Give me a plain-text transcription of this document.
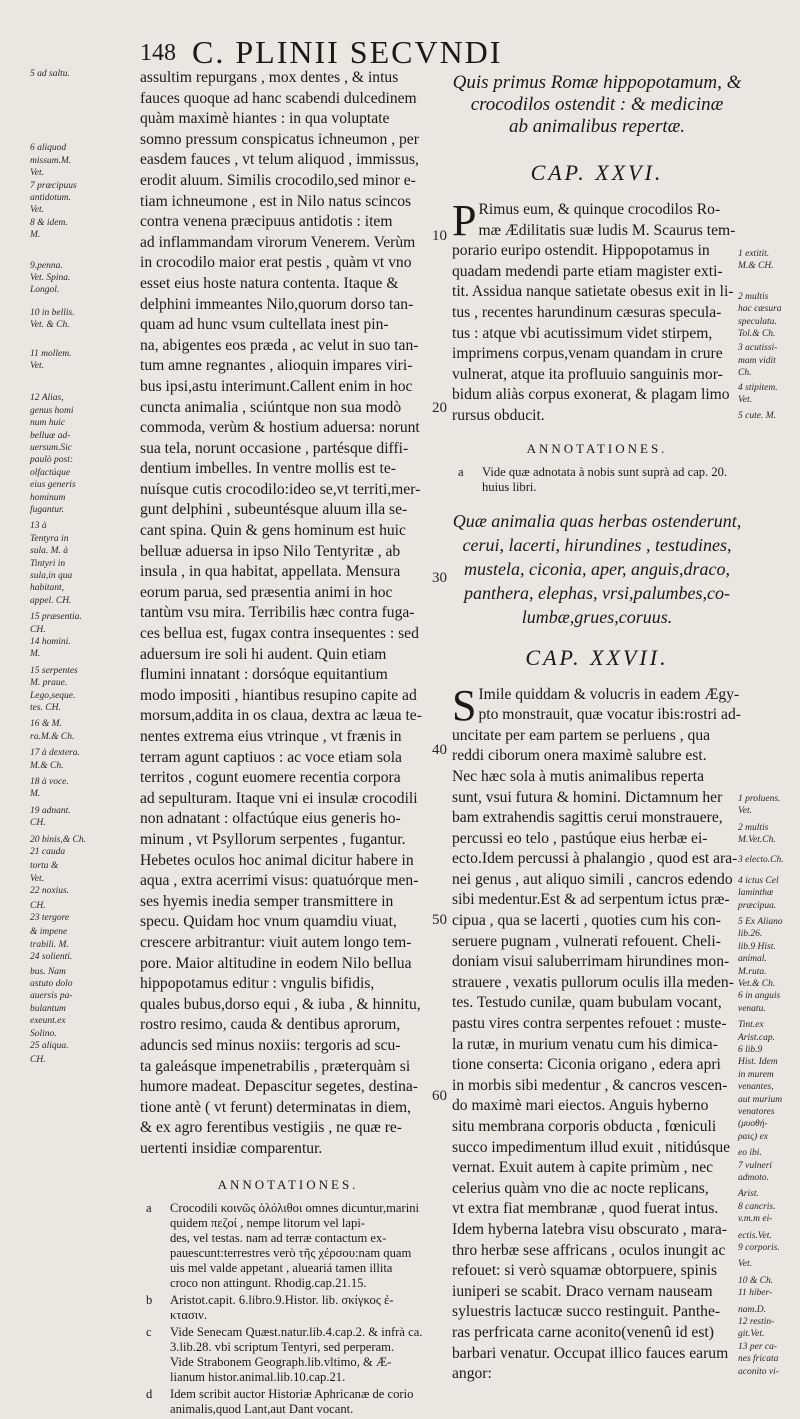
148 C. PLINII SECVNDI
5 ad saltu.
6 aliquod
missum.M.
Vet.
7 præcipuus
antidotum.
Vet.
8 & idem.
M.
9.penna.
Vet. Spina.
Longol.
10 in bellis.
Vet. & Ch.
11 mollem.
Vet.
12 Alias,
genus homi
num huic
belluæ ad-
uersum.Sic
paulò post:
olfactúque
eius generis
hominum
fugantur.
13 à
Tentyra in
sula. M. à
Tintyri in
sula,in qua
habitant,
appel. CH.
15 præsentia.
CH.
14 homini.
M.
15 serpentes
M. praue.
Lego,seque.
tes. CH.
16 & M.
ra.M.& Ch.
17 à dextera.
M.& Ch.
18 à voce.
M.
19 adnant.
CH.
20 binis,& Ch.
21 cauda
torta &
Vet.
22 noxius.
CH.
23 tergore
& impene
trabili. M.
24 solienti.
bus. Nam
astuto dolo
auersis pa-
bulantum
exeunt.ex
Solino.
25 aliqua.
CH.
assultim repurgans , mox dentes , & intus
fauces quoque ad hanc scabendi dulcedinem
quàm maximè hiantes : in qua voluptate
somno pressum conspicatus ichneumon , per
easdem fauces , vt telum aliquod , immissus,
erodit aluum. Similis crocodilo,sed minor e-
tiam ichneumone , est in Nilo natus scincos
contra venena præcipuus antidotis : item
ad inflammandam virorum Venerem. Verùm
in crocodilo maior erat pestis , quàm vt vno
esset eius hoste natura contenta. Itaque &
delphini immeantes Nilo,quorum dorso tan-
quam ad hunc vsum cultellata inest pin-
na, abigentes eos præda , ac velut in suo tan-
tum amne regnantes , alioquin impares viri-
bus ipsi,astu interimunt.Callent enim in hoc
cuncta animalia , sciúntque non sua modò
commoda, verùm & hostium aduersa: norunt
sua tela, norunt occasione , partésque diffi-
dentium imbelles. In ventre mollis est te-
nuísque cutis crocodilo:ideo se,vt territi,mer-
gunt delphini , subeuntésque aluum illa se-
cant spina. Quin & gens hominum est huic
belluæ aduersa in ipso Nilo Tentyritæ , ab
insula , in qua habitat, appellata. Mensura
eorum parua, sed præsentia animi in hoc
tantùm vsu mira. Terribilis hæc contra fuga-
ces bellua est, fugax contra insequentes : sed
aduersum ire soli hi audent. Quin etiam
flumini innatant : dorsóque equitantium
modo impositi , hiantibus resupino capite ad
morsum,addita in os claua, dextra ac læua te-
nentes extrema eius vtrinque , vt frænis in
terram agunt captiuos : ac voce etiam sola
territos , cogunt euomere recentia corpora
ad sepulturam. Itaque vni ei insulæ crocodili
non adnatant : olfactúque eius generis ho-
minum , vt Psyllorum serpentes , fugantur.
Hebetes oculos hoc animal dicitur habere in
aqua , extra acerrimi visus: quatuórque men-
ses hyemis inedia semper transmittere in
specu. Quidam hoc vnum quamdiu viuat,
crescere arbitrantur: viuit autem longo tem-
pore. Maior altitudine in eodem Nilo bellua
hippopotamus editur : vngulis bifidis,
quales bubus,dorso equi , & iuba , & hinnitu,
rostro resimo, cauda & dentibus aprorum,
aduncis sed minus noxiis: tergoris ad scu-
ta galeásque impenetrabilis , præterquàm si
humore madeat. Depascitur segetes, destina-
tione antè ( vt ferunt) determinatas in diem,
& ex agro ferentibus vestigiis , ne quæ re-
uertenti insidiæ comparentur.
ANNOTATIONES.
a Crocodili κοινῶς ὁλόλιθοι omnes dicuntur,marini
quidem πεζοί , nempe litorum vel lapi-
des, vel testas. nam ad terræ contactum ex-
pauescunt:terrestres verò τῆς χέρσου:nam quam
uis mel valde appetant , alueariá tamen illita
croco non attingunt. Rhodig.cap.21.15.
b Aristot.capit. 6.libro.9.Histor. lib. σκίγκος ἐ-
κτασιν.
c Vide Senecam Quæst.natur.lib.4.cap.2. & infrà ca.
3.lib.28. vbi scriptum Tentyri, sed perperam.
Vide Strabonem Geograph.lib.vltimo, & Æ-
lianum histor.animal.lib.10.cap.21.
d Idem scribit auctor Historiæ Aphricanæ de corio
animalis,quod Lant,aut Dant vocant.
10
20
30
40
50
60
Quis primus Romæ hippopotamum, &
crocodilos ostendit : & medicinæ
ab animalibus repertæ.
CAP. XXVI.
P Rimus eum, & quinque crocodilos Ro-
mæ Ædilitatis suæ ludis M. Scaurus tem-
porario euripo ostendit. Hippopotamus in
quadam medendi parte etiam magister exti-
tit. Assidua nanque satietate obesus exit in li-
tus , recentes harundinum cæsuras specula-
tus : atque vbi acutissimum videt stirpem,
imprimens corpus,venam quandam in crure
vulnerat, atque ita profluuio sanguinis mor-
bidum aliàs corpus exonerat, & plagam limo
rursus obducit.
ANNOTATIONES.
a Vide quæ adnotata à nobis sunt suprà ad cap. 20.
huius libri.
Quæ animalia quas herbas ostenderunt,
cerui, lacerti, hirundines , testudines,
mustela, ciconia, aper, anguis,draco,
panthera, elephas, vrsi,palumbes,co-
lumbæ,grues,coruus.
CAP. XXVII.
S Imile quiddam & volucris in eadem Ægy-
pto monstrauit, quæ vocatur ibis:rostri ad-
uncitate per eam partem se perluens , qua
reddi ciborum onera maximè salubre est.
Nec hæc sola à mutis animalibus reperta
sunt, vsui futura & homini. Dictamnum her
bam extrahendis sagittis cerui monstrauere,
percussi eo telo , pastúque eius herbæ ei-
ecto.Idem percussi à phalangio , quod est ara-
nei genus , aut aliquo simili , cancros edendo
sibi medentur.Est & ad serpentum ictus præ-
cipua , qua se lacerti , quoties cum his con-
seruere pugnam , vulnerati refouent. Cheli-
doniam visui saluberrimam hirundines mon-
strauere , vexatis pullorum oculis illa meden-
tes. Testudo cunilæ, quam bubulam vocant,
pastu vires contra serpentes refouet : muste-
la rutæ, in murium venatu cum his dimica-
tione conserta: Ciconia origano , edera apri
in morbis sibi medentur , & cancros vescen-
do maximè mari eiectos. Anguis hyberno
situ membrana corporis obducta , fœniculi
succo impedimentum illud exuit , nitidúsque
vernat. Exuit autem à capite primùm , nec
celerius quàm vno die ac nocte replicans,
vt extra fiat membranæ , quod fuerat intus.
Idem hyberna latebra visu obscurato , mara-
thro herbæ sese affricans , oculos inungit ac
refouet: si verò squamæ obtorpuere, spinis
iuniperi se scabit. Draco vernam nauseam
syluestris lactucæ succo restinguit. Panthe-
ras perfricata carne aconito(venenû id est)
barbari venatur. Occupat illico fauces earum
angor:
1 extitit.
M.& CH.
2 multis
hac cæsura
speculatu.
Tol.& Ch.
3 acutissi-
mam vidit
Ch.
4 stipitem.
Vet.
5 cute. M.
1 proluens.
Vet.
2 multis
M.Vet.Ch.
3 electo.Ch.
4 ictus Cel
laminthæ
præcipua.
5 Ex Aliano
lib.26.
lib.9 Hist.
animal.
M.ruta.
Vet.& Ch.
6 in anguis
venatu.
Tint.ex
Arist.cap.
6 lib.9
Hist. Idem
in murem
venantes,
aut murium
venatores
(μυοθή-
ραις) ex
eo ibi.
7 vulneri
admoto.
Arist.
8 cancris.
v.m.m ei-
ectis.Vet.
9 corporis.
Vet.
10 & Ch.
11 hiber-
nam.D.
12 restin-
git.Vet.
13 per ca-
nes fricata
aconito vi-
